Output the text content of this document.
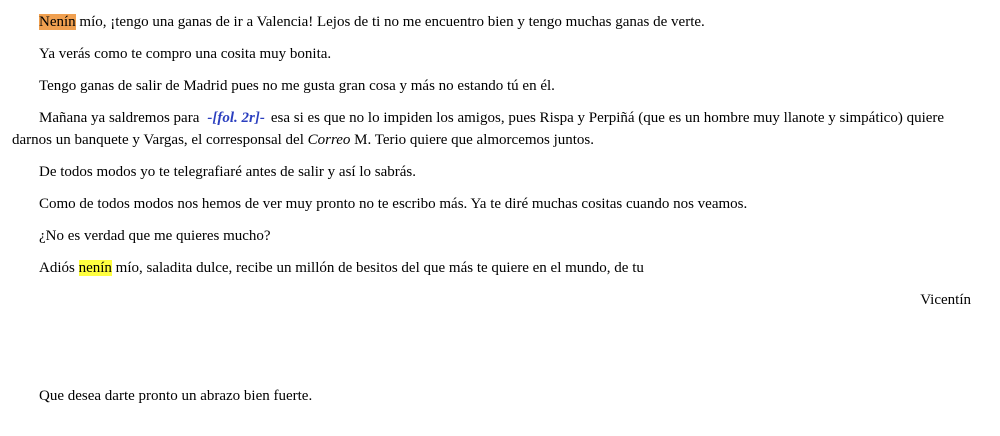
Nenín mío, ¡tengo una ganas de ir a Valencia! Lejos de ti no me encuentro bien y tengo muchas ganas de verte.

Ya verás como te compro una cosita muy bonita.

Tengo ganas de salir de Madrid pues no me gusta gran cosa y más no estando tú en él.

Mañana ya saldremos para -[fol. 2r]- esa si es que no lo impiden los amigos, pues Rispa y Perpiñá (que es un hombre muy llanote y simpático) quiere darnos un banquete y Vargas, el corresponsal del Correo M. Terio quiere que almorcemos juntos.

De todos modos yo te telegrafiaré antes de salir y así lo sabrás.

Como de todos modos nos hemos de ver muy pronto no te escribo más. Ya te diré muchas cositas cuando nos veamos.

¿No es verdad que me quieres mucho?

Adiós nenín mío, saladita dulce, recibe un millón de besitos del que más te quiere en el mundo, de tu

Vicentín

Que desea darte pronto un abrazo bien fuerte.
